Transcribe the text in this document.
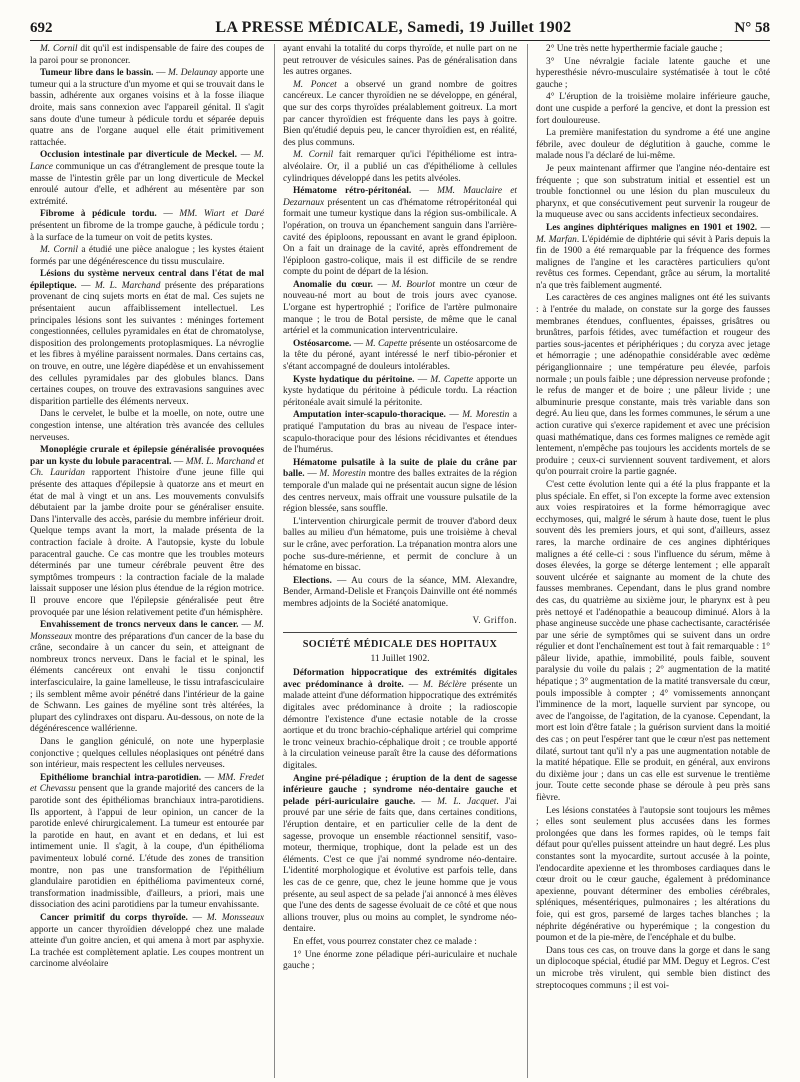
692	LA PRESSE MÉDICALE, Samedi, 19 Juillet 1902	N° 58

M. Cornil dit qu'il est indispensable de faire des coupes de la paroi pour se prononcer.

Tumeur libre dans le bassin. — M. Delaunay apporte une tumeur qui a la structure d'un myome et qui se trouvait dans le bassin, adhérente aux organes voisins et à la fosse iliaque droite, mais sans connexion avec l'appareil génital. Il s'agit sans doute d'une tumeur à pédicule tordu et séparée depuis quatre ans de l'organe auquel elle était primitivement rattachée.

Occlusion intestinale par diverticule de Meckel. — M. Lance communique un cas d'étranglement de presque toute la masse de l'intestin grêle par un long diverticule de Meckel enroulé autour d'elle, et adhérent au mésentère par son extrémité.

Fibrome à pédicule tordu. — MM. Wiart et Daré présentent un fibrome de la trompe gauche, à pédicule tordu ; à la surface de la tumeur on voit de petits kystes.

M. Cornil a étudié une pièce analogue ; les kystes étaient formés par une dégénérescence du tissu musculaire.

Lésions du système nerveux central dans l'état de mal épileptique. — M. L. Marchand présente des préparations provenant de cinq sujets morts en état de mal. Ces sujets ne présentaient aucun affaiblissement intellectuel. Les principales lésions sont les suivantes : méninges fortement congestionnées, cellules pyramidales en état de chromatolyse, disposition des prolongements protoplasmiques. La névroglie et les fibres à myéline paraissent normales. Dans certains cas, on trouve, en outre, une légère diapédèse et un envahissement des cellules pyramidales par des globules blancs. Dans certaines coupes, on trouve des extravasions sanguines avec disparition partielle des éléments nerveux.

Dans le cervelet, le bulbe et la moelle, on note, outre une congestion intense, une altération très avancée des cellules nerveuses.

Monoplégie crurale et épilepsie généralisée provoquées par un kyste du lobule paracentral. — MM. L. Marchand et Ch. Lauridan rapportent l'histoire d'une jeune fille qui présente des attaques d'épilepsie à quatorze ans et meurt en état de mal à vingt et un ans. Les mouvements convulsifs débutaient par la jambe droite pour se généraliser ensuite. Dans l'intervalle des accès, parésie du membre inférieur droit. Quelque temps avant la mort, la malade présenta de la contraction faciale à droite. A l'autopsie, kyste du lobule paracentral gauche. Ce cas montre que les troubles moteurs déterminés par une tumeur cérébrale peuvent être des symptômes trompeurs : la contraction faciale de la malade laissait supposer une lésion plus étendue de la région motrice. Il prouve encore que l'épilepsie généralisée peut être provoquée par une lésion relativement petite d'un hémisphère.

Envahissement de troncs nerveux dans le cancer. — M. Monsseaux montre des préparations d'un cancer de la base du crâne, secondaire à un cancer du sein, et atteignant de nombreux troncs nerveux. Dans le facial et le spinal, les éléments cancéreux ont envahi le tissu conjonctif interfasciculaire, la gaine lamelleuse, le tissu intrafasciculaire ; ils semblent même avoir pénétré dans l'intérieur de la gaine de Schwann. Les gaines de myéline sont très altérées, la plupart des cylindraxes ont disparu. Au-dessous, on note de la dégénérescence wallérienne.

Dans le ganglion géniculé, on note une hyperplasie conjonctive ; quelques cellules néoplasiques ont pénétré dans son intérieur, mais respectent les cellules nerveuses.

Epithéliome branchial intra-parotidien. — MM. Fredet et Chevassu pensent que la grande majorité des cancers de la parotide sont des épithéliomas branchiaux intra-parotidiens. Ils apportent, à l'appui de leur opinion, un cancer de la parotide enlevé chirurgicalement. La tumeur est entourée par la parotide en haut, en avant et en dedans, et lui est intimement unie. Il s'agit, à la coupe, d'un épithélioma pavimenteux lobulé corné. L'étude des zones de transition montre, non pas une transformation de l'épithélium glandulaire parotidien en épithélioma pavimenteux corné, transformation inadmissible, d'ailleurs, a priori, mais une dissociation des acini parotidiens par la tumeur envahissante.

Cancer primitif du corps thyroïde. — M. Monsseaux apporte un cancer thyroïdien développé chez une malade atteinte d'un goitre ancien, et qui amena à mort par asphyxie. La trachée est complètement aplatie. Les coupes montrent un carcinome alvéolaire

ayant envahi la totalité du corps thyroïde, et nulle part on ne peut retrouver de vésicules saines. Pas de généralisation dans les autres organes.

M. Poncet a observé un grand nombre de goitres cancéreux. Le cancer thyroïdien ne se développe, en général, que sur des corps thyroïdes préalablement goitreux. La mort par cancer thyroïdien est fréquente dans les pays à goitre. Bien qu'étudié depuis peu, le cancer thyroïdien est, en réalité, des plus communs.

M. Cornil fait remarquer qu'ici l'épithéliome est intra-alvéolaire. Or, il a publié un cas d'épithéliome à cellules cylindriques développé dans les petits alvéoles.

Hématome rétro-péritonéal. — MM. Mauclaire et Dezarnaux présentent un cas d'hématome rétropéritonéal qui formait une tumeur kystique dans la région sus-ombilicale. A l'opération, on trouva un épanchement sanguin dans l'arrière-cavité des épiploons, repoussant en avant le grand épiploon. On a fait un drainage de la cavité, après effondrement de l'épiploon gastro-colique, mais il est difficile de se rendre compte du point de départ de la lésion.

Anomalie du cœur. — M. Bourlot montre un cœur de nouveau-né mort au bout de trois jours avec cyanose. L'organe est hypertrophié ; l'orifice de l'artère pulmonaire manque ; le trou de Botal persiste, de même que le canal artériel et la communication interventriculaire.

Ostéosarcome. — M. Capette présente un ostéosarcome de la tête du péroné, ayant intéressé le nerf tibio-péronier et s'étant accompagné de douleurs intolérables.

Kyste hydatique du péritoine. — M. Capette apporte un kyste hydatique du péritoine à pédicule tordu. La réaction péritonéale avait simulé la péritonite.

Amputation inter-scapulo-thoracique. — M. Morestin a pratiqué l'amputation du bras au niveau de l'espace inter-scapulo-thoracique pour des lésions récidivantes et étendues de l'humérus.

Hématome pulsatile à la suite de plaie du crâne par balle. — M. Morestin montre des balles extraites de la région temporale d'un malade qui ne présentait aucun signe de lésion des centres nerveux, mais offrait une voussure pulsatile de la région blessée, sans souffle.

L'intervention chirurgicale permit de trouver d'abord deux balles au milieu d'un hématome, puis une troisième à cheval sur le crâne, avec perforation. La trépanation montra alors une poche sus-dure-mérienne, et permit de conclure à un hématome en bissac.

Elections. — Au cours de la séance, MM. Alexandre, Bender, Armand-Delisle et François Dainville ont été nommés membres adjoints de la Société anatomique.

V. Griffon.
SOCIÉTÉ MÉDICALE DES HOPITAUX
11 Juillet 1902.

Déformation hippocratique des extrémités digitales avec prédominance à droite. — M. Béclère présente un malade atteint d'une déformation hippocratique des extrémités digitales avec prédominance à droite ; la radioscopie démontre l'existence d'une ectasie notable de la crosse aortique et du tronc brachio-céphalique artériel qui comprime le tronc veineux brachio-céphalique droit ; ce trouble apporté à la circulation veineuse paraît être la cause des déformations digitales.

Angine pré-péladique ; éruption de la dent de sagesse inférieure gauche ; syndrome néo-dentaire gauche et pelade péri-auriculaire gauche. — M. L. Jacquet. J'ai prouvé par une série de faits que, dans certaines conditions, l'éruption dentaire, et en particulier celle de la dent de sagesse, provoque un ensemble réactionnel sensitif, vaso-moteur, thermique, trophique, dont la pelade est un des éléments. C'est ce que j'ai nommé syndrome néo-dentaire. L'identité morphologique et évolutive est parfois telle, dans les cas de ce genre, que, chez le jeune homme que je vous présente, au seul aspect de sa pelade j'ai annoncé à mes élèves que l'une des dents de sagesse évoluait de ce côté et que nous allions trouver, plus ou moins au complet, le syndrome néo-dentaire.

En effet, vous pourrez constater chez ce malade :

1° Une énorme zone péladique péri-auriculaire et nuchale gauche ;

2° Une très nette hyperthermie faciale gauche ;

3° Une névralgie faciale latente gauche et une hyperesthésie névro-musculaire systématisée à tout le côté gauche ;

4° L'éruption de la troisième molaire inférieure gauche, dont une cuspide a perforé la gencive, et dont la pression est fort douloureuse.

La première manifestation du syndrome a été une angine fébrile, avec douleur de déglutition à gauche, comme le malade nous l'a déclaré de lui-même.

Je peux maintenant affirmer que l'angine néo-dentaire est fréquente ; que son substratum initial et essentiel est un trouble fonctionnel ou une lésion du plan musculeux du pharynx, et que consécutivement peut survenir la rougeur de la muqueuse avec ou sans accidents infectieux secondaires.

Les angines diphtériques malignes en 1901 et 1902. — M. Marfan. L'épidémie de diphtérie qui sévit à Paris depuis la fin de 1900 a été remarquable par la fréquence des formes malignes de l'angine et les caractères particuliers qu'ont revêtus ces formes. Cependant, grâce au sérum, la mortalité n'a que très faiblement augmenté.

Les caractères de ces angines malignes ont été les suivants : à l'entrée du malade, on constate sur la gorge des fausses membranes étendues, confluentes, épaisses, grisâtres ou brunâtres, parfois fétides, avec tuméfaction et rougeur des parties sous-jacentes et périphériques ; du coryza avec jetage et hémorragie ; une adénopathie considérable avec œdème périganglionnaire ; une température peu élevée, parfois normale ; un pouls faible ; une dépression nerveuse profonde ; le refus de manger et de boire ; une pâleur livide ; une albuminurie presque constante, mais très variable dans son degré. Au lieu que, dans les formes communes, le sérum a une action curative qui s'exerce rapidement et avec une précision quasi mathématique, dans ces formes malignes ce remède agit lentement, n'empêche pas toujours les accidents mortels de se produire ; ceux-ci surviennent souvent tardivement, et alors qu'on pourrait croire la partie gagnée.

C'est cette évolution lente qui a été la plus frappante et la plus spéciale. En effet, si l'on excepte la forme avec extension aux voies respiratoires et la forme hémorragique avec ecchymoses, qui, malgré le sérum à haute dose, tuent le plus souvent dès les premiers jours, et qui sont, d'ailleurs, assez rares, la marche ordinaire de ces angines diphtériques malignes a été celle-ci : sous l'influence du sérum, même à doses élevées, la gorge se déterge lentement ; elle apparaît souvent ulcérée et saignante au moment de la chute des fausses membranes. Cependant, dans le plus grand nombre des cas, du quatrième au sixième jour, le pharynx est à peu près nettoyé et l'adénopathie a beaucoup diminué. Alors à la phase angineuse succède une phase cachectisante, caractérisée par une série de symptômes qui se suivent dans un ordre régulier et dont l'enchaînement est tout à fait remarquable : 1° pâleur livide, apathie, immobilité, pouls faible, souvent paralysie du voile du palais ; 2° augmentation de la matité hépatique ; 3° augmentation de la matité transversale du cœur, pouls impossible à compter ; 4° vomissements annonçant l'imminence de la mort, laquelle survient par syncope, ou avec de l'angoisse, de l'agitation, de la cyanose. Cependant, la mort est loin d'être fatale ; la guérison survient dans la moitié des cas ; on peut l'espérer tant que le cœur n'est pas nettement dilaté, surtout tant qu'il n'y a pas une augmentation notable de la matité hépatique. Elle se produit, en général, aux environs du dixième jour ; dans un cas elle est survenue le trentième jour. Toute cette seconde phase se déroule à peu près sans fièvre.

Les lésions constatées à l'autopsie sont toujours les mêmes ; elles sont seulement plus accusées dans les formes prolongées que dans les formes rapides, où le temps fait défaut pour qu'elles puissent atteindre un haut degré. Les plus constantes sont la myocardite, surtout accusée à la pointe, l'endocardite apexienne et les thromboses cardiaques dans le cœur droit ou le cœur gauche, également à prédominance apexienne, pouvant déterminer des embolies cérébrales, spléniques, mésentériques, pulmonaires ; les altérations du foie, qui est gros, parsemé de larges taches blanches ; la néphrite dégénérative ou hyperémique ; la congestion du poumon et de la pie-mère, de l'encéphale et du bulbe.

Dans tous ces cas, on trouve dans la gorge et dans le sang un diplocoque spécial, étudié par MM. Deguy et Legros. C'est un microbe très virulent, qui semble bien distinct des streptocoques communs ; il est voi-
